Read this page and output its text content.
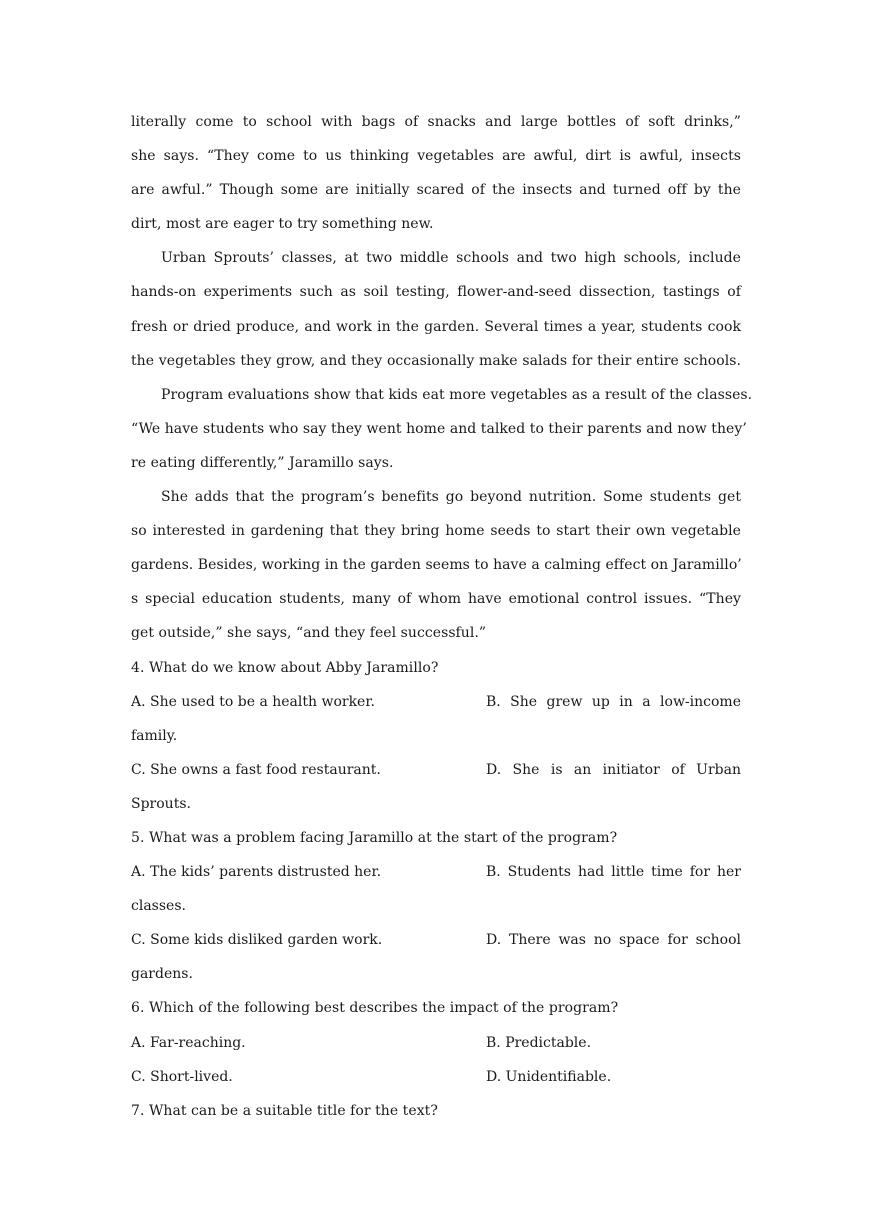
literally come to school with bags of snacks and large bottles of soft drinks,”
she says. “They come to us thinking vegetables are awful, dirt is awful, insects
are awful.” Though some are initially scared of the insects and turned off by the
dirt, most are eager to try something new.
Urban Sprouts’ classes, at two middle schools and two high schools, include
hands-on experiments such as soil testing, flower-and-seed dissection, tastings of
fresh or dried produce, and work in the garden. Several times a year, students cook
the vegetables they grow, and they occasionally make salads for their entire schools.
Program evaluations show that kids eat more vegetables as a result of the classes.
“We have students who say they went home and talked to their parents and now they’
re eating differently,” Jaramillo says.
She adds that the program’s benefits go beyond nutrition. Some students get
so interested in gardening that they bring home seeds to start their own vegetable
gardens. Besides, working in the garden seems to have a calming effect on Jaramillo’
s special education students, many of whom have emotional control issues. “They
get outside,” she says, “and they feel successful.”
4. What do we know about Abby Jaramillo?
A. She used to be a health worker.	B. She grew up in a low-income
family.
C. She owns a fast food restaurant.	D. She is an initiator of Urban
Sprouts.
5. What was a problem facing Jaramillo at the start of the program?
A. The kids’ parents distrusted her.	B. Students had little time for her
classes.
C. Some kids disliked garden work.	D. There was no space for school
gardens.
6. Which of the following best describes the impact of the program?
A. Far-reaching.	B. Predictable.
C. Short-lived.	D. Unidentifiable.
7. What can be a suitable title for the text?
